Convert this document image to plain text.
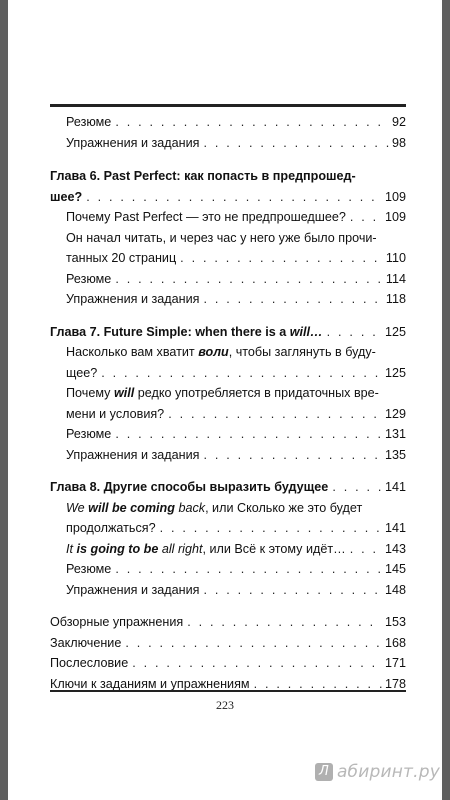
Резюме . . .	92
Упражнения и задания . . .	98
Глава 6. Past Perfect: как попасть в предпрошед-
шее? . . .	109
Почему Past Perfect — это не предпрошедшее? . . .	109
Он начал читать, и через час у него уже было прочи-
танных 20 страниц . . .	110
Резюме . . .	114
Упражнения и задания . . .	118
Глава 7. Future Simple: when there is a will… . . .	125
Насколько вам хватит воли, чтобы заглянуть в буду-
щее? . . .	125
Почему will редко употребляется в придаточных вре-
мени и условия? . . .	129
Резюме . . .	131
Упражнения и задания . . .	135
Глава 8. Другие способы выразить будущее . . .	141
We will be coming back, или Сколько же это будет
продолжаться? . . .	141
It is going to be all right, или Всё к этому идёт… . . .	143
Резюме . . .	145
Упражнения и задания . . .	148
Обзорные упражнения . . .	153
Заключение . . .	168
Послесловие . . .	171
Ключи к заданиям и упражнениям . . .	178
223
Л абиринт.ру
